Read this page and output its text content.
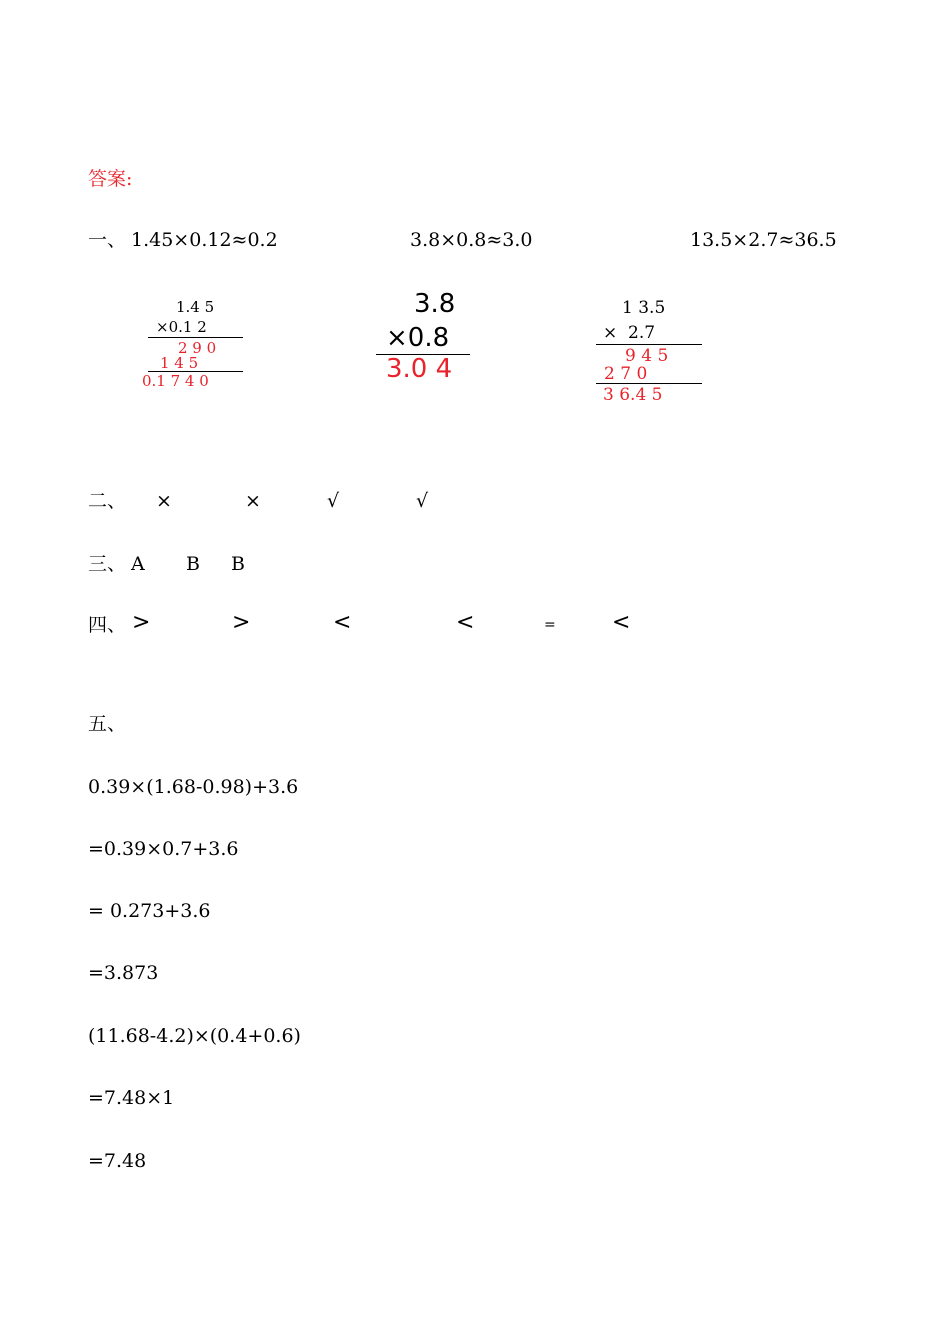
答案:
一、 1.45×0.12≈0.2	3.8×0.8≈3.0	13.5×2.7≈36.5
1.4 5
×0.1 2
2 9 0
1 4 5
0.1 7 4 0
3.8
×0.8
3.0 4
1 3.5
×  2.7
9 4 5
2 7 0
3 6.4 5
二、 ×	×	√	√
三、 A B B
四、 >	>	<	<	=	<
五、
0.39×(1.68-0.98)+3.6
=0.39×0.7+3.6
= 0.273+3.6
=3.873
(11.68-4.2)×(0.4+0.6)
=7.48×1
=7.48
